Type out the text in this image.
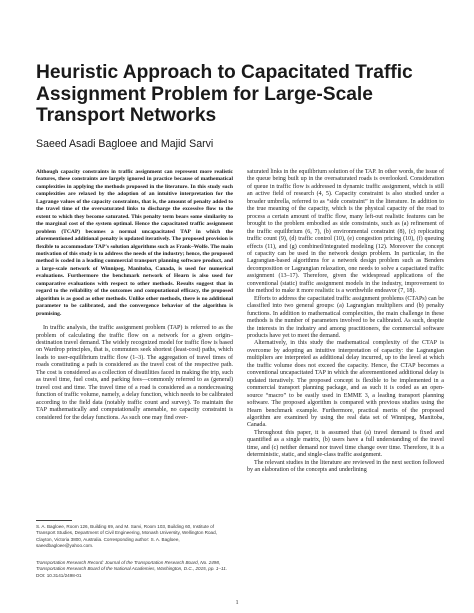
Heuristic Approach to Capacitated Traffic Assignment Problem for Large-Scale Transport Networks
Saeed Asadi Bagloee and Majid Sarvi

Although capacity constraints in traffic assignment can represent more realistic features, these constraints are largely ignored in practice because of mathematical complexities in applying the methods proposed in the literature. In this study such complexities are relaxed by the adoption of an intuitive interpretation for the Lagrange values of the capacity constraints, that is, the amount of penalty added to the travel time of the oversaturated links to discharge the excessive flow to the extent to which they become saturated. This penalty term bears some similarity to the marginal cost of the system optimal. Hence the capacitated traffic assignment problem (TCAP) becomes a normal uncapacitated TAP in which the aforementioned additional penalty is updated iteratively. The proposed provision is flexible to accommodate TAP's solution algorithms such as Frank–Wolfe. The main motivation of this study is to address the needs of the industry; hence, the proposed method is coded in a leading commercial transport planning software product, and a large-scale network of Winnipeg, Manitoba, Canada, is used for numerical evaluations. Furthermore the benchmark network of Hearn is also used for comparative evaluations with respect to other methods. Results suggest that in regard to the reliability of the outcomes and computational efficacy, the proposed algorithm is as good as other methods. Unlike other methods, there is no additional parameter to be calibrated, and the convergence behavior of the algorithm is promising.

In traffic analysis, the traffic assignment problem (TAP) is referred to as the problem of calculating the traffic flow on a network for a given origin–destination travel demand. The widely recognized model for traffic flow is based on Wardrop principles, that is, commuters seek shortest (least-cost) paths, which leads to user-equilibrium traffic flow (1–3). The aggregation of travel times of roads constituting a path is considered as the travel cost of the respective path. The cost is considered as a collection of disutilities faced in making the trip, such as travel time, fuel costs, and parking fees—commonly referred to as (general) travel cost and time. The travel time of a road is considered as a nondecreasing function of traffic volume, namely, a delay function, which needs to be calibrated according to the field data (notably traffic count and survey). To maintain the TAP mathematically and computationally amenable, no capacity constraint is considered for the delay functions. As such one may find over-

saturated links in the equilibrium solution of the TAP. In other words, the issue of the queue being built up in the oversaturated roads is overlooked. Consideration of queue in traffic flow is addressed in dynamic traffic assignment, which is still an active field of research (4, 5). Capacity constraint is also studied under a broader umbrella, referred to as “side constraint” in the literature. In addition to the true meaning of the capacity, which is the physical capacity of the road to process a certain amount of traffic flow, many left-out realistic features can be brought to the problem embodied as side constraints, such as (a) refinement of the traffic equilibrium (6, 7), (b) environmental constraint (8), (c) replicating traffic count (9), (d) traffic control (10), (e) congestion pricing (10), (f) queuing effects (11), and (g) combined/integrated modeling (12). Moreover the concept of capacity can be used in the network design problem. In particular, in the Lagrangian-based algorithms for a network design problem such as Benders decomposition or Lagrangian relaxation, one needs to solve a capacitated traffic assignment (13–17). Therefore, given the widespread applications of the conventional (static) traffic assignment models in the industry, improvement to the method to make it more realistic is a worthwhile endeavor (7, 18).

Efforts to address the capacitated traffic assignment problems (CTAPs) can be classified into two general groups: (a) Lagrangian multipliers and (b) penalty functions. In addition to mathematical complexities, the main challenge in these methods is the number of parameters involved to be calibrated. As such, despite the interests in the industry and among practitioners, the commercial software products have yet to meet the demand.

Alternatively, in this study the mathematical complexity of the CTAP is overcome by adopting an intuitive interpretation of capacity: the Lagrangian multipliers are interpreted as additional delay incurred, up to the level at which the traffic volume does not exceed the capacity. Hence, the CTAP becomes a conventional uncapacitated TAP in which the aforementioned additional delay is updated iteratively. The proposed concept is flexible to be implemented in a commercial transport planning package, and as such it is coded as an open-source “macro” to be easily used in EMME 3, a leading transport planning software. The proposed algorithm is compared with previous studies using the Hearn benchmark example. Furthermore, practical merits of the proposed algorithm are examined by using the real data set of Winnipeg, Manitoba, Canada.

Throughout this paper, it is assumed that (a) travel demand is fixed and quantified as a single matrix, (b) users have a full understanding of the travel time, and (c) neither demand nor travel time change over time. Therefore, it is a deterministic, static, and single-class traffic assignment.

The relevant studies in the literature are reviewed in the next section followed by an elaboration of the concepts and underlining

S. A. Bagloee, Room 126, Building 69, and M. Sarvi, Room 103, Building 60, Institute of Transport Studies, Department of Civil Engineering, Monash University, Wellington Road, Clayton, Victoria 3800, Australia. Corresponding author: S. A. Bagloee, saeedbagloee@yahoo.com.

Transportation Research Record: Journal of the Transportation Research Board, No. 2498, Transportation Research Board of the National Academies, Washington, D.C., 2015, pp. 1–11.

DOI: 10.3141/2498-01

1
